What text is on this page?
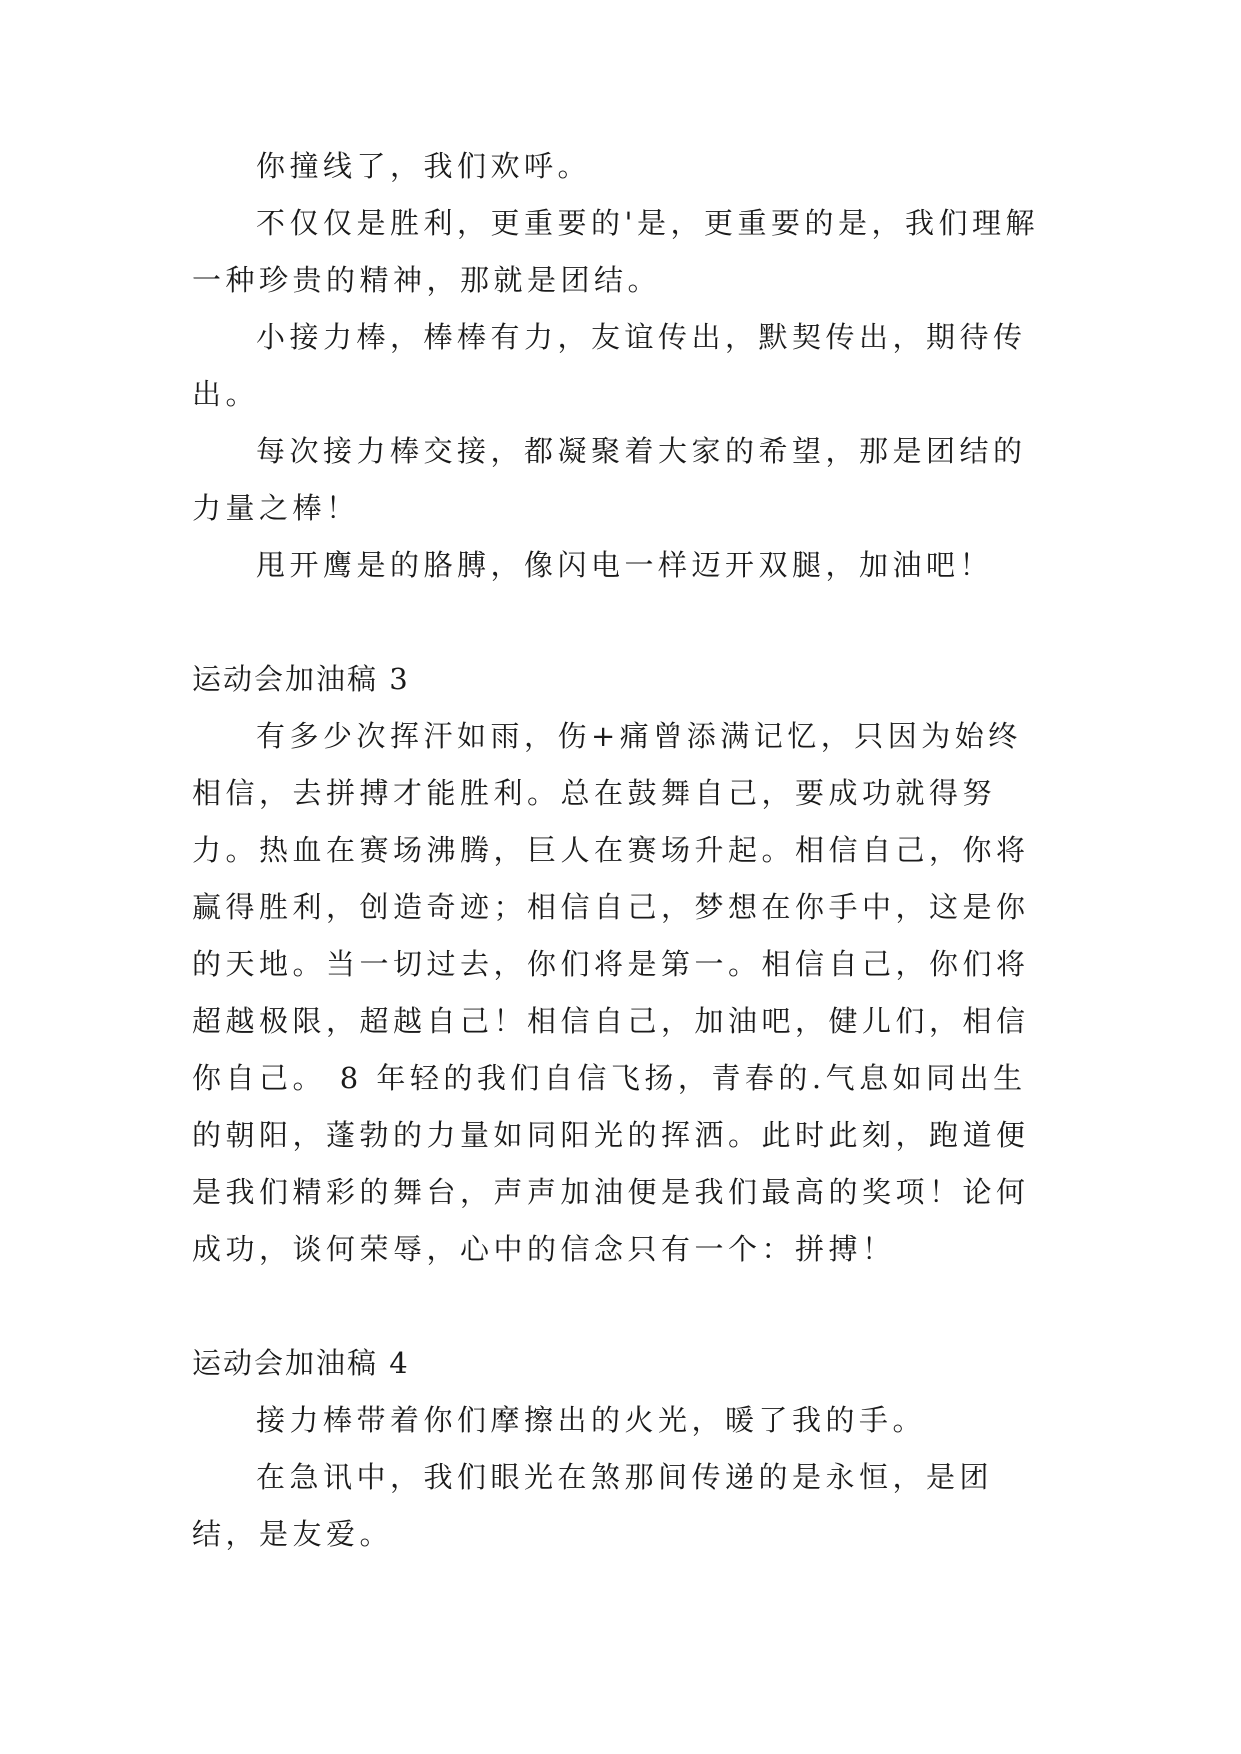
你撞线了，我们欢呼。

不仅仅是胜利，更重要的'是，更重要的是，我们理解一种珍贵的精神，那就是团结。

小接力棒，棒棒有力，友谊传出，默契传出，期待传出。

每次接力棒交接，都凝聚着大家的希望，那是团结的力量之棒！

甩开鹰是的胳膊，像闪电一样迈开双腿，加油吧！

运动会加油稿 3

有多少次挥汗如雨，伤+痛曾添满记忆，只因为始终相信，去拼搏才能胜利。总在鼓舞自己，要成功就得努力。热血在赛场沸腾，巨人在赛场升起。相信自己，你将赢得胜利，创造奇迹；相信自己，梦想在你手中，这是你的天地。当一切过去，你们将是第一。相信自己，你们将超越极限，超越自己！相信自己，加油吧，健儿们，相信你自己。 8 年轻的我们自信飞扬，青春的.气息如同出生的朝阳，蓬勃的力量如同阳光的挥洒。此时此刻，跑道便是我们精彩的舞台，声声加油便是我们最高的奖项！论何成功，谈何荣辱，心中的信念只有一个：拼搏！

运动会加油稿 4

接力棒带着你们摩擦出的火光，暖了我的手。

在急讯中，我们眼光在煞那间传递的是永恒，是团结，是友爱。
